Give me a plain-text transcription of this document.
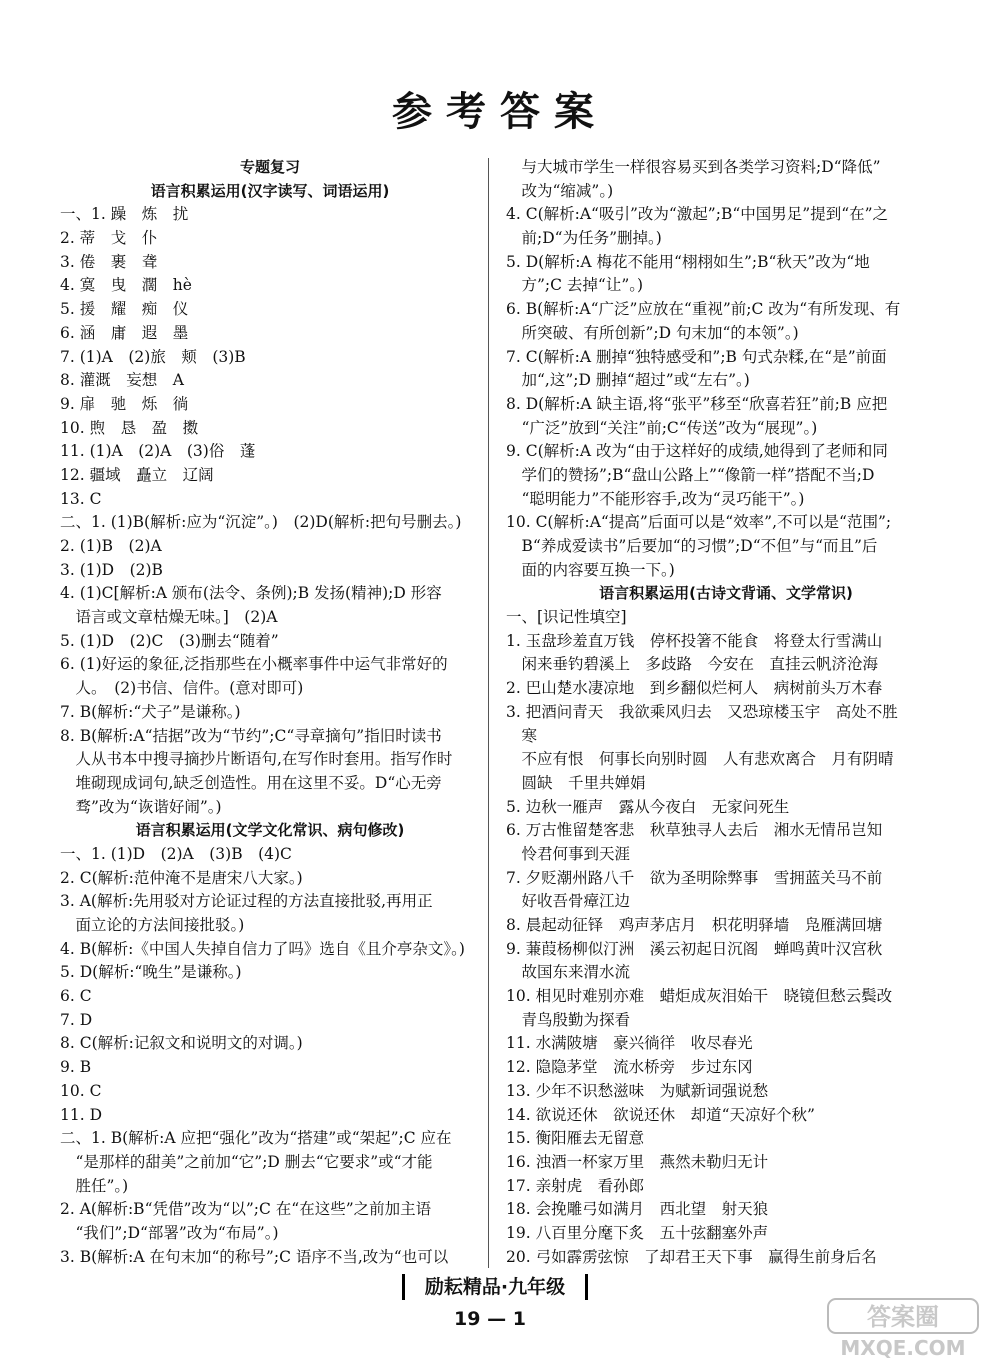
参考答案
专题复习
语言积累运用(汉字读写、词语运用)
一、1. 躁　炼　扰
2. 蒂　戈　仆
3. 倦　裹　聋
4. 寞　曳　濶　hè
5. 援　耀　痴　仪
6. 涵　庸　遐　墨
7. (1)A　(2)旅　颊　(3)B
8. 灌溉　妄想　A
9. 扉　驰　烁　徜
10. 煦　恳　盈　擞
11. (1)A　(2)A　(3)俗　蓬
12. 疆域　矗立　辽阔
13. C
二、1. (1)B(解析:应为“沉淀”。)　(2)D(解析:把句号删去。)
2. (1)B　(2)A
3. (1)D　(2)B
4. (1)C[解析:A 颁布(法令、条例);B 发扬(精神);D 形容
　语言或文章枯燥无味。]　(2)A
5. (1)D　(2)C　(3)删去“随着”
6. (1)好运的象征,泛指那些在小概率事件中运气非常好的
　人。　(2)书信、信件。(意对即可)
7. B(解析:“犬子”是谦称。)
8. B(解析:A“拮据”改为“节约”;C“寻章摘句”指旧时读书
　人从书本中搜寻摘抄片断语句,在写作时套用。指写作时
　堆砌现成词句,缺乏创造性。用在这里不妥。D“心无旁
　骛”改为“诙谐好闹”。)
语言积累运用(文学文化常识、病句修改)
一、1. (1)D　(2)A　(3)B　(4)C
2. C(解析:范仲淹不是唐宋八大家。)
3. A(解析:先用驳对方论证过程的方法直接批驳,再用正
　面立论的方法间接批驳。)
4. B(解析:《中国人失掉自信力了吗》选自《且介亭杂文》。)
5. D(解析:“晚生”是谦称。)
6. C
7. D
8. C(解析:记叙文和说明文的对调。)
9. B
10. C
11. D
二、1. B(解析:A 应把“强化”改为“搭建”或“架起”;C 应在
　“是那样的甜美”之前加“它”;D 删去“它要求”或“才能
　胜任”。)
2. A(解析:B“凭借”改为“以”;C 在“在这些”之前加主语
　“我们”;D“部署”改为“布局”。)
3. B(解析:A 在句末加“的称号”;C 语序不当,改为“也可以
　与大城市学生一样很容易买到各类学习资料;D“降低”
　改为“缩减”。)
4. C(解析:A“吸引”改为“激起”;B“中国男足”提到“在”之
　前;D“为任务”删掉。)
5. D(解析:A 梅花不能用“栩栩如生”;B“秋天”改为“地
　方”;C 去掉“让”。)
6. B(解析:A“广泛”应放在“重视”前;C 改为“有所发现、有
　所突破、有所创新”;D 句末加“的本领”。)
7. C(解析:A 删掉“独特感受和”;B 句式杂糅,在“是”前面
　加“,这”;D 删掉“超过”或“左右”。)
8. D(解析:A 缺主语,将“张平”移至“欣喜若狂”前;B 应把
　“广泛”放到“关注”前;C“传送”改为“展现”。)
9. C(解析:A 改为“由于这样好的成绩,她得到了老师和同
　学们的赞扬”;B“盘山公路上”“像箭一样”搭配不当;D
　“聪明能力”不能形容手,改为“灵巧能干”。)
10. C(解析:A“提高”后面可以是“效率”,不可以是“范围”;
　B“养成爱读书”后要加“的习惯”;D“不但”与“而且”后
　面的内容要互换一下。)
语言积累运用(古诗文背诵、文学常识)
一、[识记性填空]
1. 玉盘珍羞直万钱　停杯投箸不能食　将登太行雪满山
　闲来垂钓碧溪上　多歧路　今安在　直挂云帆济沧海
2. 巴山楚水凄凉地　到乡翻似烂柯人　病树前头万木春
3. 把酒问青天　我欲乘风归去　又恐琼楼玉宇　高处不胜
　寒
　不应有恨　何事长向别时圆　人有悲欢离合　月有阴晴
　圆缺　千里共婵娟
5. 边秋一雁声　露从今夜白　无家问死生
6. 万古惟留楚客悲　秋草独寻人去后　湘水无情吊岂知
　怜君何事到天涯
7. 夕贬潮州路八千　欲为圣明除弊事　雪拥蓝关马不前
　好收吾骨瘴江边
8. 晨起动征铎　鸡声茅店月　枳花明驿墙　凫雁满回塘
9. 蒹葭杨柳似汀洲　溪云初起日沉阁　蝉鸣黄叶汉宫秋
　故国东来渭水流
10. 相见时难别亦难　蜡炬成灰泪始干　晓镜但愁云鬓改
　青鸟殷勤为探看
11. 水满陂塘　豪兴徜徉　收尽春光
12. 隐隐茅堂　流水桥旁　步过东冈
13. 少年不识愁滋味　为赋新词强说愁
14. 欲说还休　欲说还休　却道“天凉好个秋”
15. 衡阳雁去无留意
16. 浊酒一杯家万里　燕然未勒归无计
17. 亲射虎　看孙郎
18. 会挽雕弓如满月　西北望　射天狼
19. 八百里分麾下炙　五十弦翻塞外声
20. 弓如霹雳弦惊　了却君王天下事　赢得生前身后名
励耘精品·九年级
19 — 1	答案圈
MXQE.COM
